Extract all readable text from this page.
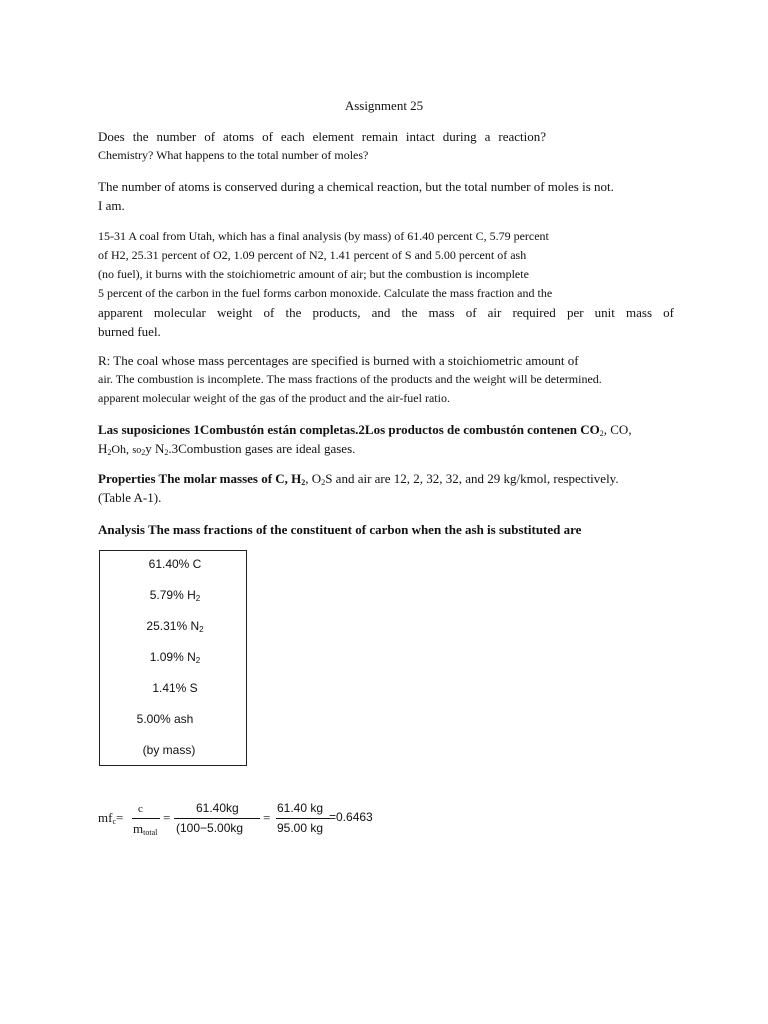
Assignment 25

Does the number of atoms of each element remain intact during a reaction?

Chemistry? What happens to the total number of moles?

The number of atoms is conserved during a chemical reaction, but the total number of moles is not.

I am.

15-31 A coal from Utah, which has a final analysis (by mass) of 61.40 percent C, 5.79 percent

of H2, 25.31 percent of O2, 1.09 percent of N2, 1.41 percent of S and 5.00 percent of ash

(no fuel), it burns with the stoichiometric amount of air; but the combustion is incomplete

5 percent of the carbon in the fuel forms carbon monoxide. Calculate the mass fraction and the

apparent molecular weight of the products, and the mass of air required per unit mass of

burned fuel.

R: The coal whose mass percentages are specified is burned with a stoichiometric amount of

air. The combustion is incomplete. The mass fractions of the products and the weight will be determined.

apparent molecular weight of the gas of the product and the air-fuel ratio.

Las suposiciones 1Combustón están completas.2Los productos de combustón contenen $CO_2$, CO,

$H_2Oh$, $so_2y$ $N_2.3Combustion$ gases are ideal gases.

Properties The molar masses of C, $H_2$, $O_2S$ and air are 12, 2, 32, 32, and 29 kg/kmol, respectively.

(Table A-1).

Analysis The mass fractions of the constituent of carbon when the ash is substituted are
61.40% C
5.79% $H_2$
25.31% $N_2$
1.09% $N_2$
1.41% S
5.00% ash
(by mass)
$mf_c=$
c
$m_{total}$
=
61.40kg
(100−5.00kg
=
61.40 kg
95.00 kg
=0.6463
